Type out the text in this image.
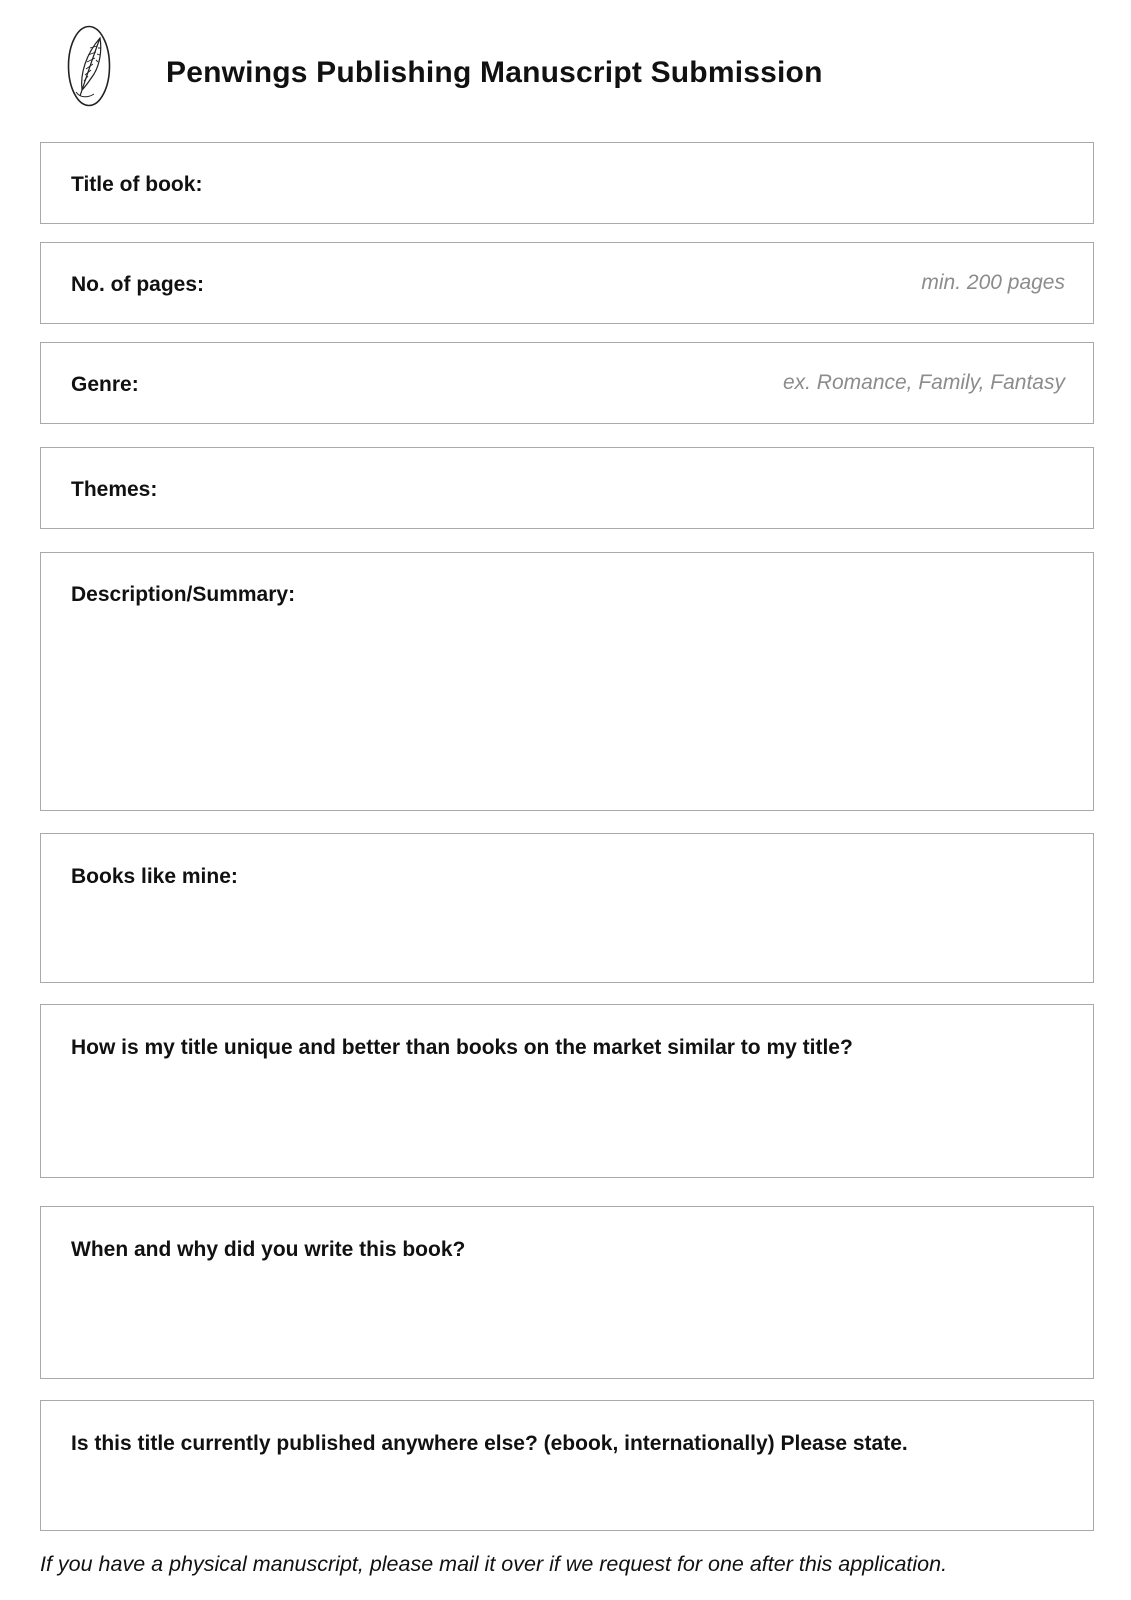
Penwings Publishing Manuscript Submission
Title of book:
No. of pages:	min. 200 pages
Genre:	ex. Romance, Family, Fantasy
Themes:
Description/Summary:
Books like mine:
How is my title unique and better than books on the market similar to my title?
When and why did you write this book?
Is this title currently published anywhere else? (ebook, internationally) Please state.
If you have a physical manuscript, please mail it over if we request for one after this application.
